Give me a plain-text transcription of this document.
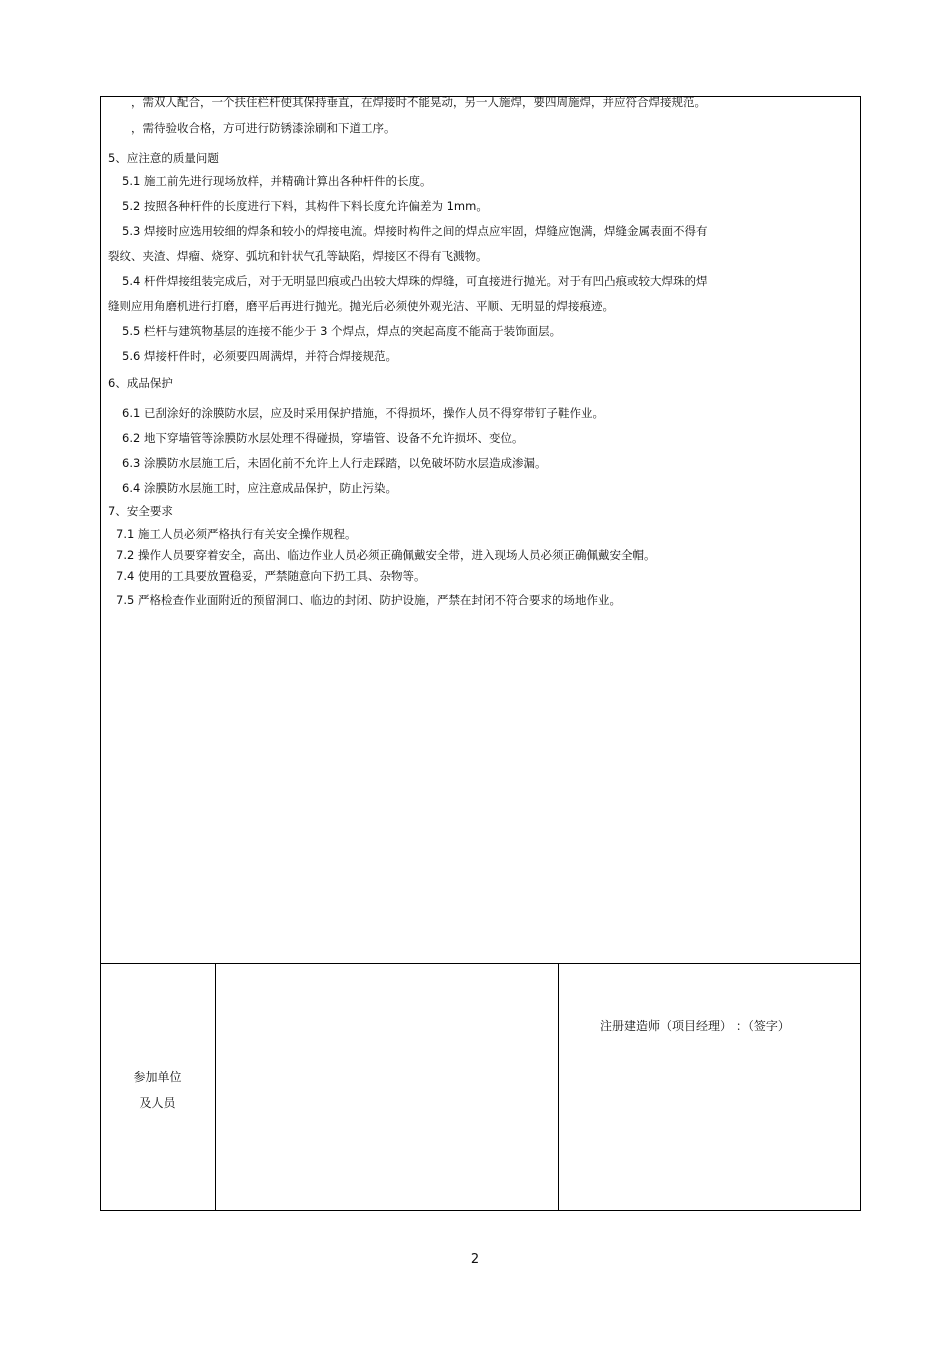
，需双人配合，一个扶住栏杆使其保持垂直，在焊接时不能晃动，另一人施焊，要四周施焊，并应符合焊接规范。
，需待验收合格，方可进行防锈漆涂刷和下道工序。
5、应注意的质量问题
5.1 施工前先进行现场放样，并精确计算出各种杆件的长度。
5.2 按照各种杆件的长度进行下料，其构件下料长度允许偏差为 1mm。
5.3 焊接时应选用较细的焊条和较小的焊接电流。焊接时构件之间的焊点应牢固，焊缝应饱满，焊缝金属表面不得有
裂纹、夹渣、焊瘤、烧穿、弧坑和针状气孔等缺陷，焊接区不得有飞溅物。
5.4 杆件焊接组装完成后，对于无明显凹痕或凸出较大焊珠的焊缝，可直接进行抛光。对于有凹凸痕或较大焊珠的焊
缝则应用角磨机进行打磨，磨平后再进行抛光。抛光后必须使外观光洁、平顺、无明显的焊接痕迹。
5.5 栏杆与建筑物基层的连接不能少于 3 个焊点，焊点的突起高度不能高于装饰面层。
5.6 焊接杆件时，必须要四周满焊，并符合焊接规范。
6、成品保护
6.1 已刮涂好的涂膜防水层，应及时采用保护措施，不得损坏，操作人员不得穿带钉子鞋作业。
6.2 地下穿墙管等涂膜防水层处理不得碰损，穿墙管、设备不允许损坏、变位。
6.3 涂膜防水层施工后，未固化前不允许上人行走踩踏，以免破坏防水层造成渗漏。
6.4 涂膜防水层施工时，应注意成品保护，防止污染。
7、安全要求
7.1 施工人员必须严格执行有关安全操作规程。
7.2 操作人员要穿着安全，高出、临边作业人员必须正确佩戴安全带，进入现场人员必须正确佩戴安全帽。
7.4 使用的工具要放置稳妥，严禁随意向下扔工具、杂物等。
7.5 严格检查作业面附近的预留洞口、临边的封闭、防护设施，严禁在封闭不符合要求的场地作业。
参加单位
及人员
注册建造师（项目经理） ：（签字）
2
